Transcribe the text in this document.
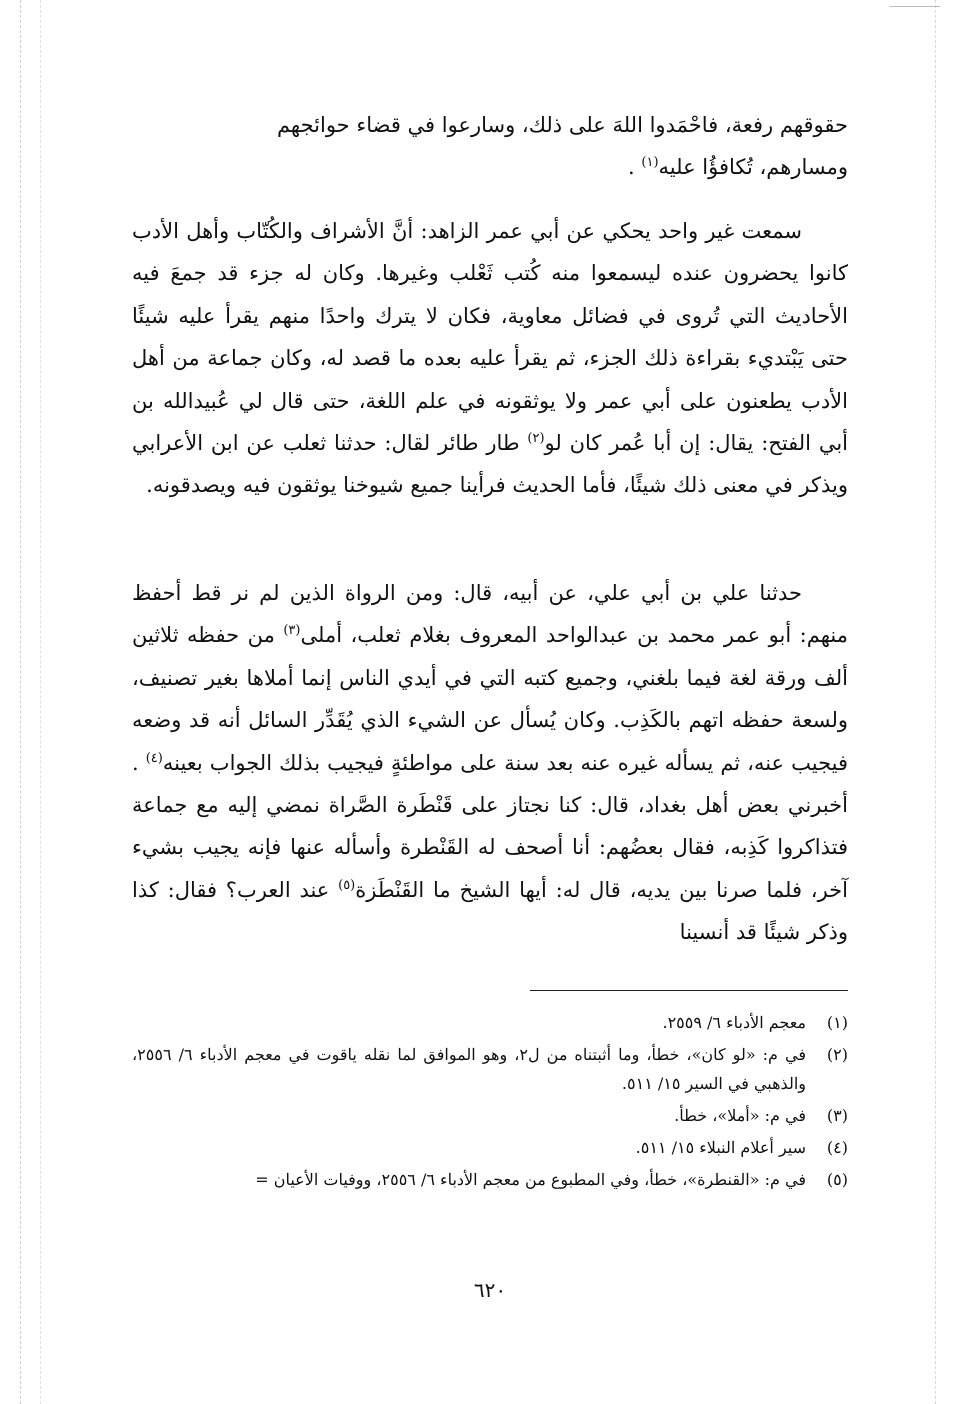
حقوقهم رفعة، فاحْمَدوا اللهَ على ذلك، وسارعوا في قضاء حوائجهم
ومسارهم، تُكافؤُا عليه$^{(١)}$ .

سمعت غير واحد يحكي عن أبي عمر الزاهد: أنَّ الأشراف والكُتّاب وأهل الأدب كانوا يحضرون عنده ليسمعوا منه كُتب ثَعْلب وغيرها. وكان له جزء قد جمعَ فيه الأحاديث التي تُروى في فضائل معاوية، فكان لا يترك واحدًا منهم يقرأ عليه شيئًا حتى يَبْتديء بقراءة ذلك الجزء، ثم يقرأ عليه بعده ما قصد له، وكان جماعة من أهل الأدب يطعنون على أبي عمر ولا يوثقونه في علم اللغة، حتى قال لي عُبيدالله بن أبي الفتح: يقال: إن أبا عُمر كان لو$^{(٢)}$ طار طائر لقال: حدثنا ثعلب عن ابن الأعرابي ويذكر في معنى ذلك شيئًا، فأما الحديث فرأينا جميع شيوخنا يوثقون فيه ويصدقونه.

حدثنا علي بن أبي علي، عن أبيه، قال: ومن الرواة الذين لم نر قط أحفظ منهم: أبو عمر محمد بن عبدالواحد المعروف بغلام ثعلب، أملى$^{(٣)}$ من حفظه ثلاثين ألف ورقة لغة فيما بلغني، وجميع كتبه التي في أيدي الناس إنما أملاها بغير تصنيف، ولسعة حفظه اتهم بالكَذِب. وكان يُسأل عن الشيء الذي يُقَدِّر السائل أنه قد وضعه فيجيب عنه، ثم يسأله غيره عنه بعد سنة على مواطئةٍ فيجيب بذلك الجواب بعينه$^{(٤)}$ . أخبرني بعض أهل بغداد، قال: كنا نجتاز على قَنْطَرة الصَّراة نمضي إليه مع جماعة فتذاكروا كَذِبه، فقال بعضُهم: أنا أصحف له القَنْطرة وأسأله عنها فإنه يجيب بشيء آخر، فلما صرنا بين يديه، قال له: أيها الشيخ ما القَنْطَزة$^{(٥)}$ عند العرب؟ فقال: كذا وذكر شيئًا قد أنسينا

(١)
معجم الأدباء ٦/ ٢٥٥٩.
(٢)
في م: «لو كان»، خطأ، وما أثبتناه من ل٢، وهو الموافق لما نقله ياقوت في معجم الأدباء ٦/ ٢٥٥٦، والذهبي في السير ١٥/ ٥١١.
(٣)
في م: «أملا»، خطأ.
(٤)
سير أعلام النبلاء ١٥/ ٥١١.
(٥)
في م: «القنطرة»، خطأ، وفي المطبوع من معجم الأدباء ٦/ ٢٥٥٦، ووفيات الأعيان =
٦٢٠
